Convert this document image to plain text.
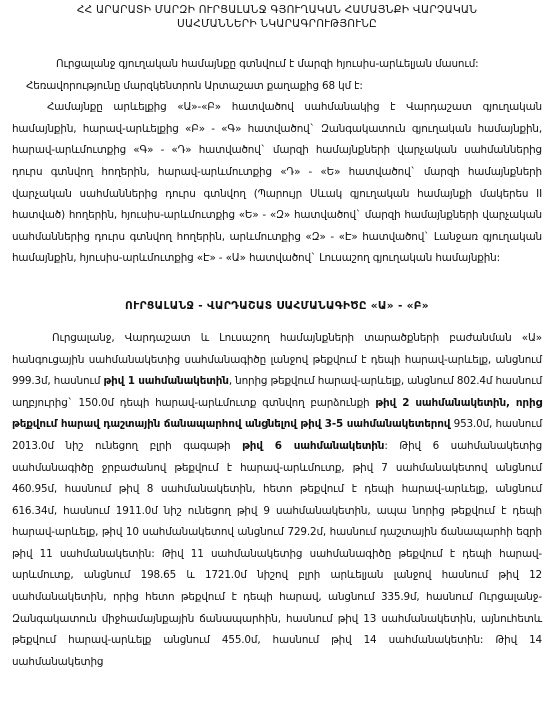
ՀՀ ԱՐԱՐԱՏԻ ՄԱՐԶԻ ՈՒՐՑԱԼԱՆՋ ԳՅՈՒՂԱԿԱՆ ՀԱՄԱՅՆՔԻ ՎԱՐՉԱԿԱՆ

ՍԱՀՄԱՆՆԵՐԻ ՆԿԱՐԱԳՐՈՒԹՅՈՒՆԸ

Ուրցալանջ գյուղական համայնքը գտնվում է մարզի հյուսիս-արևելյան մասում:

Հեռավորությունը մարզկենտրոն Արտաշատ քաղաքից 68 կմ է:

Համայնքը արևելքից «Ա»-«Բ» հատվածով սահմանակից է Վարդաշատ գյուղական համայնքին, հարավ-արևելքից «Բ» - «Գ» հատվածով` Զանգակատուն գյուղական համայնքին, հարավ-արևմուտքից «Գ» - «Դ» հատվածով` մարզի համայնքների վարչական սահմաններից դուրս գտնվող հողերին, հարավ-արևմուտքից «Դ» - «Ե» հատվածով` մարզի համայնքների վարչական սահմաններից դուրս գտնվող (Պարույր Սևակ գյուղական համայնքի մակերես II հատված) հողերին, հյուսիս-արևմուտքից «Ե» - «Զ» հատվածով` մարզի համայնքների վարչական սահմաններից դուրս գտնվող հողերին, արևմուտքից «Զ» - «Է» հատվածով` Լանջառ գյուղական համայնքին, հյուսիս-արևմուտքից «Է» - «Ա» հատվածով` Լուսաշող գյուղական համայնքին:

ՈՒՐՑԱԼԱՆՋ - ՎԱՐԴԱՇԱՏ ՍԱՀՄԱՆԱԳԻԾԸ «Ա» - «Բ»

Ուրցալանջ, Վարդաշատ և Լուսաշող համայնքների տարածքների բաժանման «Ա» հանգուցային սահմանակետից սահմանագիծը լանջով թեքվում է դեպի հարավ-արևելք, անցնում 999.3մ, հասնում թիվ 1 սահմանակետին, նորից թեքվում հարավ-արևելք, անցնում 802.4մ հասնում աղբյուրից` 150.0մ դեպի հարավ-արևմուտք գտնվող բարձունքի թիվ 2 սահմանակետին, որից թեքվում հարավ դաշտային ճանապարհով անցնելով թիվ 3-5 սահմանակետերով 953.0մ, հասնում 2013.0մ նիշ ունեցող բլրի գագաթի թիվ 6 սահմանակետին: Թիվ 6 սահմանակետից սահմանագիծը ջրբաժանով թեքվում է հարավ-արևմուտք, թիվ 7 սահմանակետով անցնում 460.95մ, հասնում թիվ 8 սահմանակետին, հետո թեքվում է դեպի հարավ-արևելք, անցնում 616.34մ, հասնում 1911.0մ նիշ ունեցող թիվ 9 սահմանակետին, ապա նորից թեքվում է դեպի հարավ-արևելք, թիվ 10 սահմանակետով անցնում 729.2մ, հասնում դաշտային ճանապարհի եզրի թիվ 11 սահմանակետին: Թիվ 11 սահմանակետից սահմանագիծը թեքվում է դեպի հարավ-արևմուտք, անցնում 198.65 և 1721.0մ նիշով բլրի արևելյան լանջով հասնում թիվ 12 սահմանակետին, որից հետո թեքվում է դեպի հարավ, անցնում 335.9մ, հասնում Ուրցալանջ-Զանգակատուն միջհամայնքային ճանապարհին, հասնում թիվ 13 սահմանակետին, այնուհետև թեքվում հարավ-արևելք անցնում 455.0մ, հասնում թիվ 14 սահմանակետին: Թիվ 14 սահմանակետից
